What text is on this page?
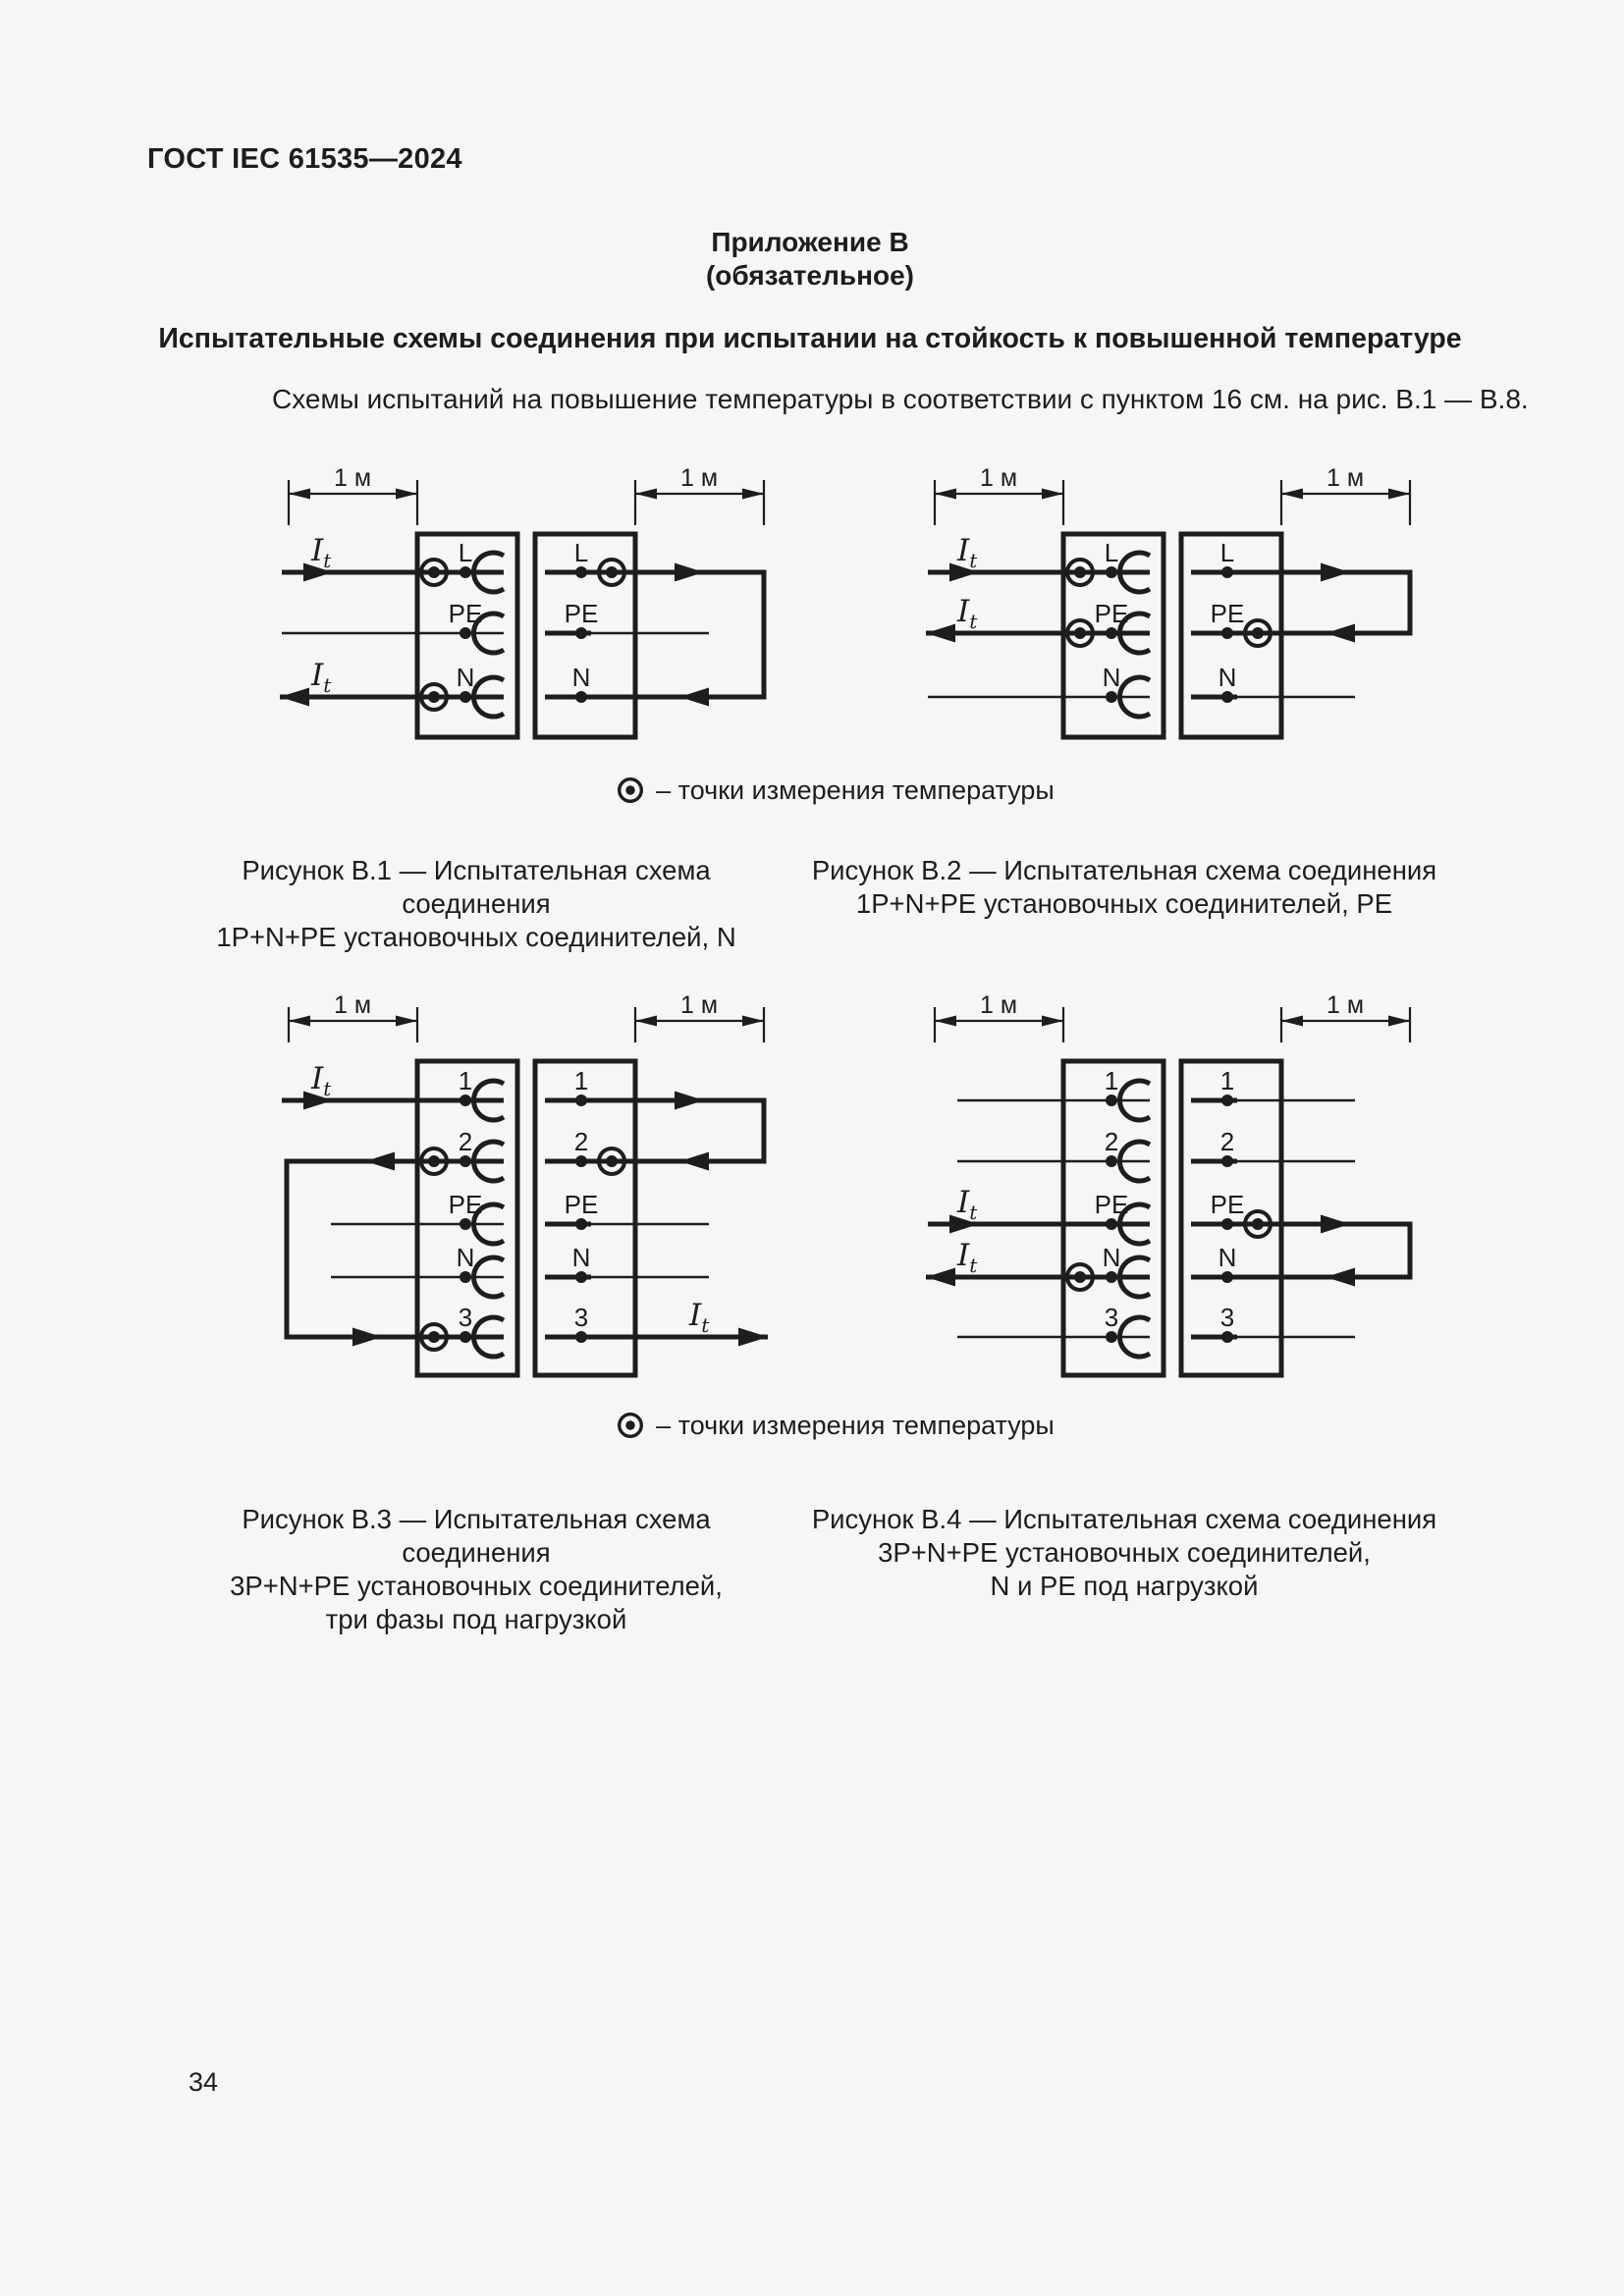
ГОСТ IEC 61535—2024
Приложение В
(обязательное)
Испытательные схемы соединения при испытании на стойкость к повышенной температуре
Схемы испытаний на повышение температуры в соответствии с пунктом 16 см. на рис. В.1 — В.8.
1 м	1 м
$I_t$
$I_t$
L
PE
N
L
PE
N
1 м	1 м
$I_t$
$I_t$
L
PE
N
L
PE
N
– точки измерения температуры
Рисунок В.1 — Испытательная схема соединения
1P+N+PE установочных соединителей, N
Рисунок В.2 — Испытательная схема соединения
1P+N+PE установочных соединителей, PE
1 м	1 м
$I_t$	1
2
PE
N
3	$I_t$
1
2
PE
N
3
1 м	1 м
$I_t$
$I_t$
1
2
PE
N
3
1
2
PE
N
3
– точки измерения температуры
Рисунок В.3 — Испытательная схема соединения
3P+N+PE установочных соединителей,
три фазы под нагрузкой
Рисунок В.4 — Испытательная схема соединения
3P+N+PE установочных соединителей,
N и PE под нагрузкой
34
